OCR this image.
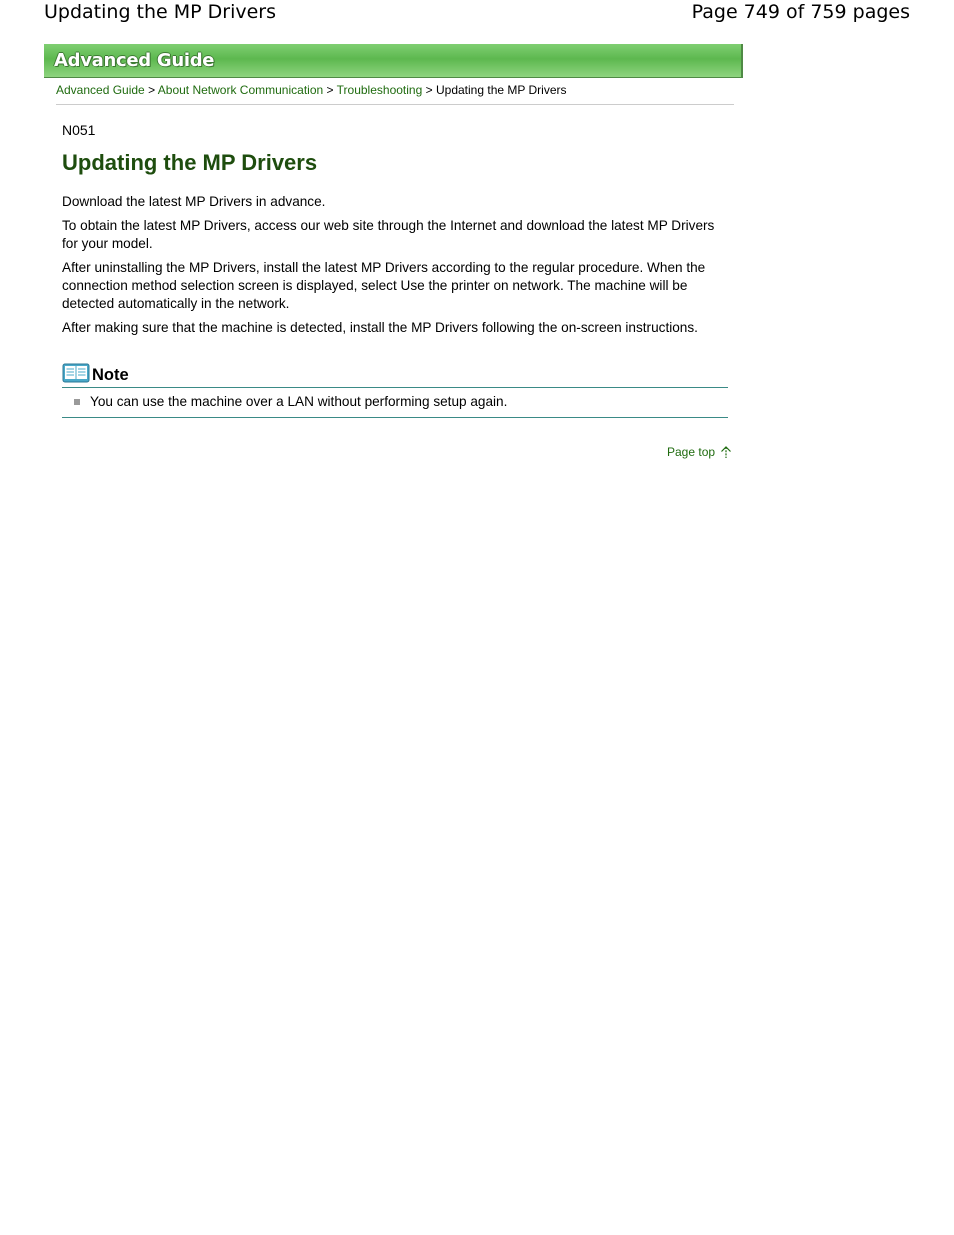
Updating the MP Drivers	Page 749 of 759 pages
Advanced Guide
Advanced Guide > About Network Communication > Troubleshooting > Updating the MP Drivers
N051
Updating the MP Drivers

Download the latest MP Drivers in advance.

To obtain the latest MP Drivers, access our web site through the Internet and download the latest MP Drivers for your model.

After uninstalling the MP Drivers, install the latest MP Drivers according to the regular procedure. When the connection method selection screen is displayed, select Use the printer on network. The machine will be detected automatically in the network.

After making sure that the machine is detected, install the MP Drivers following the on-screen instructions.

Note
You can use the machine over a LAN without performing setup again.
Page top
